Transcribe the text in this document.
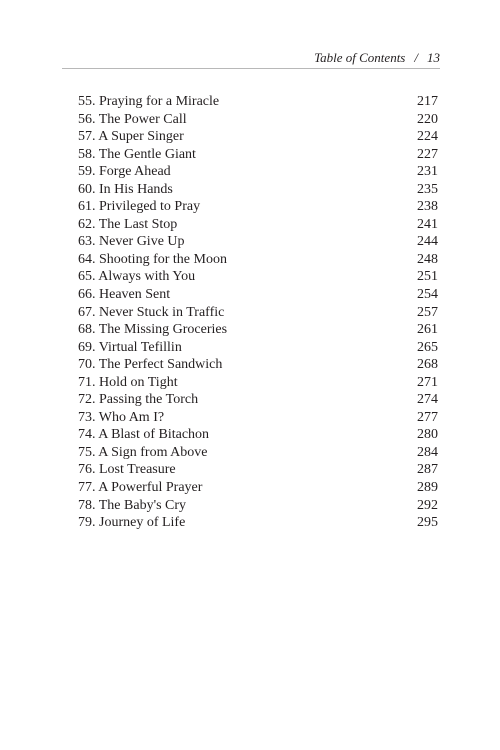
Table of Contents / 13
55. Praying for a Miracle	217
56. The Power Call	220
57. A Super Singer	224
58. The Gentle Giant	227
59. Forge Ahead	231
60. In His Hands	235
61. Privileged to Pray	238
62. The Last Stop	241
63. Never Give Up	244
64. Shooting for the Moon	248
65. Always with You	251
66. Heaven Sent	254
67. Never Stuck in Traffic	257
68. The Missing Groceries	261
69. Virtual Tefillin	265
70. The Perfect Sandwich	268
71. Hold on Tight	271
72. Passing the Torch	274
73. Who Am I?	277
74. A Blast of Bitachon	280
75. A Sign from Above	284
76. Lost Treasure	287
77. A Powerful Prayer	289
78. The Baby's Cry	292
79. Journey of Life	295
